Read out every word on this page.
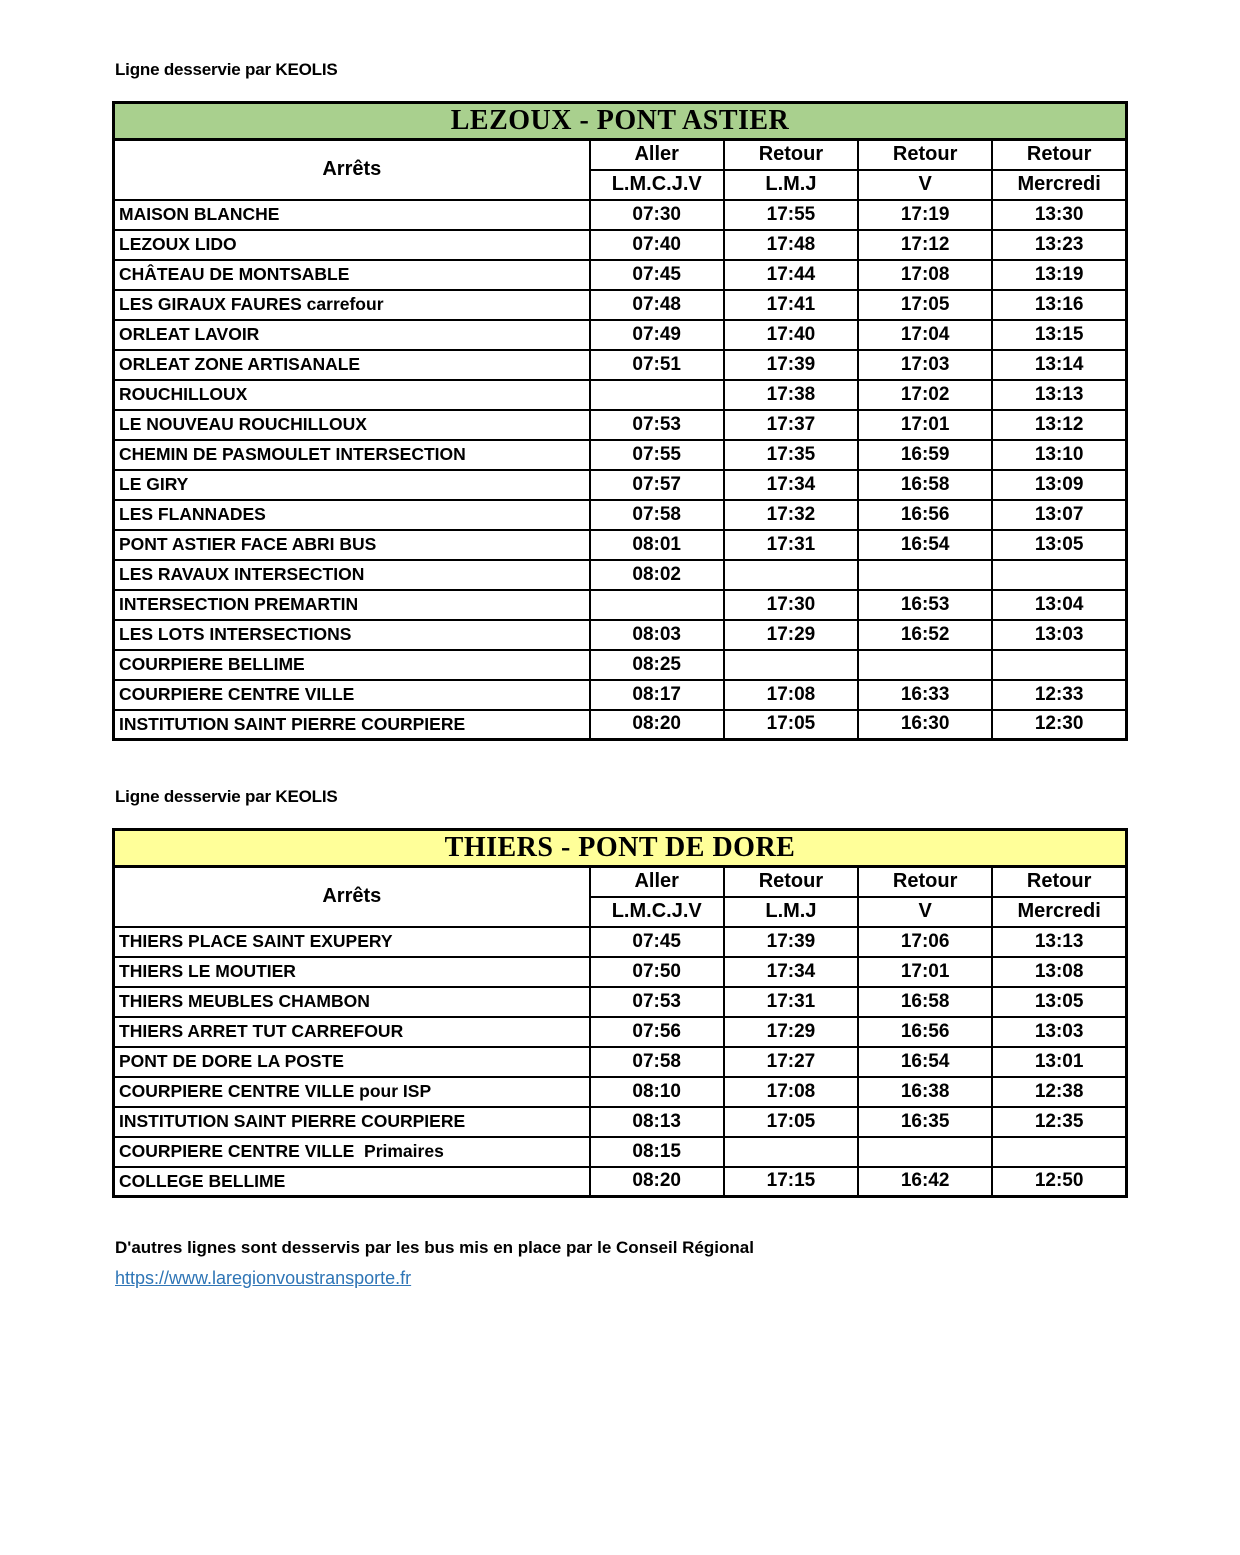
Ligne desservie par KEOLIS

LEZOUX - PONT ASTIER				
Arrêts	Aller	Retour	Retour	Retour
	L.M.C.J.V	L.M.J	V	Mercredi
MAISON BLANCHE	07:30	17:55	17:19	13:30
LEZOUX LIDO	07:40	17:48	17:12	13:23
CHÂTEAU DE MONTSABLE	07:45	17:44	17:08	13:19
LES GIRAUX FAURES carrefour	07:48	17:41	17:05	13:16
ORLEAT LAVOIR	07:49	17:40	17:04	13:15
ORLEAT ZONE ARTISANALE	07:51	17:39	17:03	13:14
ROUCHILLOUX		17:38	17:02	13:13
LE NOUVEAU ROUCHILLOUX	07:53	17:37	17:01	13:12
CHEMIN DE PASMOULET INTERSECTION	07:55	17:35	16:59	13:10
LE GIRY	07:57	17:34	16:58	13:09
LES FLANNADES	07:58	17:32	16:56	13:07
PONT ASTIER FACE ABRI BUS	08:01	17:31	16:54	13:05
LES RAVAUX INTERSECTION	08:02			
INTERSECTION PREMARTIN		17:30	16:53	13:04
LES LOTS INTERSECTIONS	08:03	17:29	16:52	13:03
COURPIERE BELLIME	08:25			
COURPIERE CENTRE VILLE	08:17	17:08	16:33	12:33
INSTITUTION SAINT PIERRE COURPIERE	08:20	17:05	16:30	12:30

Ligne desservie par KEOLIS

THIERS - PONT DE DORE				
Arrêts	Aller	Retour	Retour	Retour
	L.M.C.J.V	L.M.J	V	Mercredi
THIERS PLACE SAINT EXUPERY	07:45	17:39	17:06	13:13
THIERS LE MOUTIER	07:50	17:34	17:01	13:08
THIERS MEUBLES CHAMBON	07:53	17:31	16:58	13:05
THIERS ARRET TUT CARREFOUR	07:56	17:29	16:56	13:03
PONT DE DORE LA POSTE	07:58	17:27	16:54	13:01
COURPIERE CENTRE VILLE pour ISP	08:10	17:08	16:38	12:38
INSTITUTION SAINT PIERRE COURPIERE	08:13	17:05	16:35	12:35
COURPIERE CENTRE VILLE  Primaires	08:15			
COLLEGE BELLIME	08:20	17:15	16:42	12:50

D'autres lignes sont desservis par les bus mis en place par le Conseil Régional

https://www.laregionvoustransporte.fr
